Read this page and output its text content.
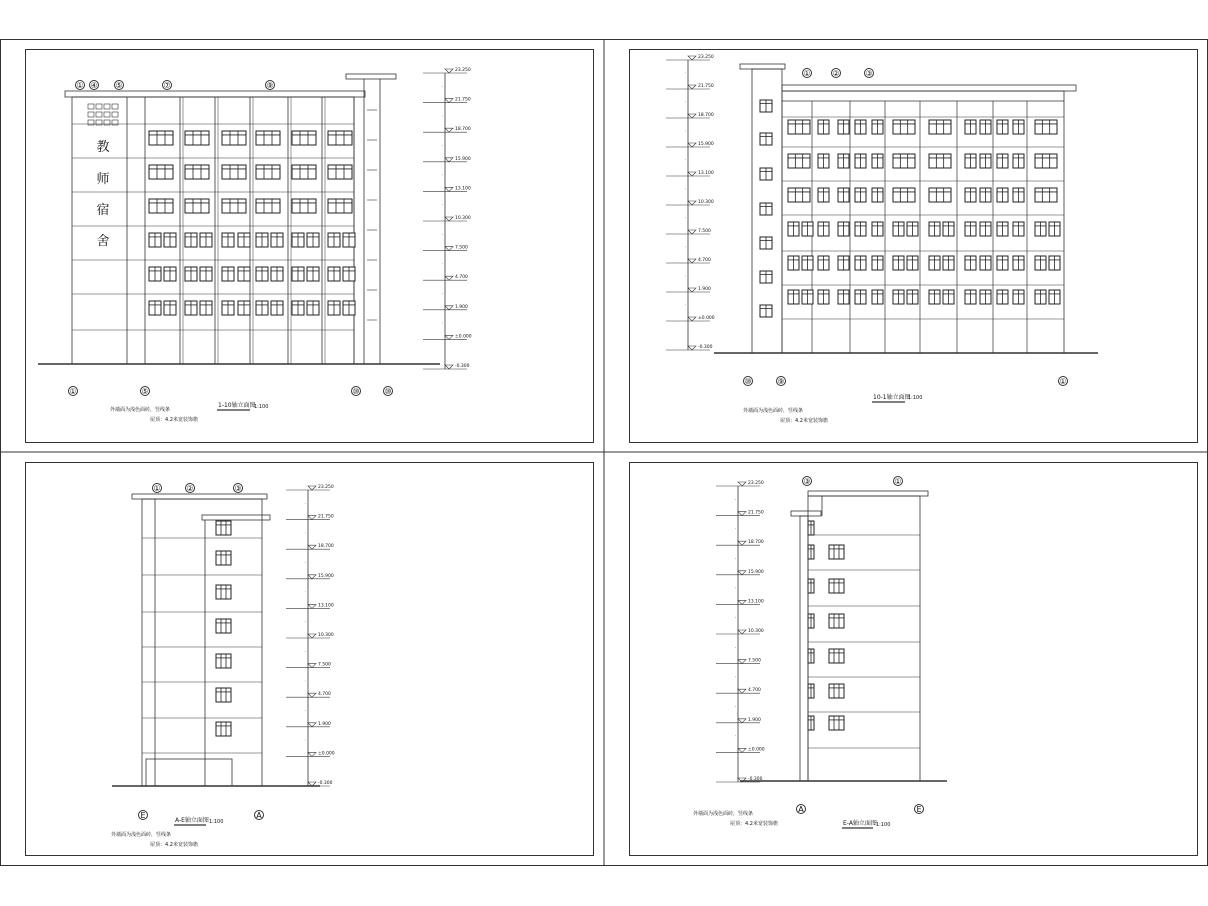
23.250
·
21.750
·
18.700
·
15.900
·
13.100
·
10.300
·
7.500
·
4.700
·
1.900
·
±0.000
-0.300
教
师
宿
舍
① ④ ⑤	⑦	⑨
①	⑤	⑩	⑩
1-10轴立面图
1:100
外墙面为浅色面砖，竖线条
屋顶：4.2米宽装饰檐
23.250
·
21.750
·
18.700
·
15.900
·
13.100
·
10.300
·
7.500
·
4.700
·
1.900
·
±0.000
-0.300
①	②	③
⑩	⑨	①
10-1轴立面图
1:100
外墙面为浅色面砖，竖线条
屋顶：4.2米宽装饰檐
23.250
·
21.750
·
18.700
·
15.900
·
13.100
·
10.300
·
7.500
·
4.700
·
1.900
·
±0.000
-0.300
①	②	③
E	A
A-E轴立面图 1:100
外墙面为浅色面砖，竖线条
屋顶：4.2米宽装饰檐
23.250
·
21.750
·
18.700
·
15.900
·
13.100
·
10.300
·
7.500
·
4.700
·
1.900
·
±0.000
-0.300
③	①
A	E
E-A轴立面图 1:100
外墙面为浅色面砖，竖线条
屋顶：4.2米宽装饰檐
